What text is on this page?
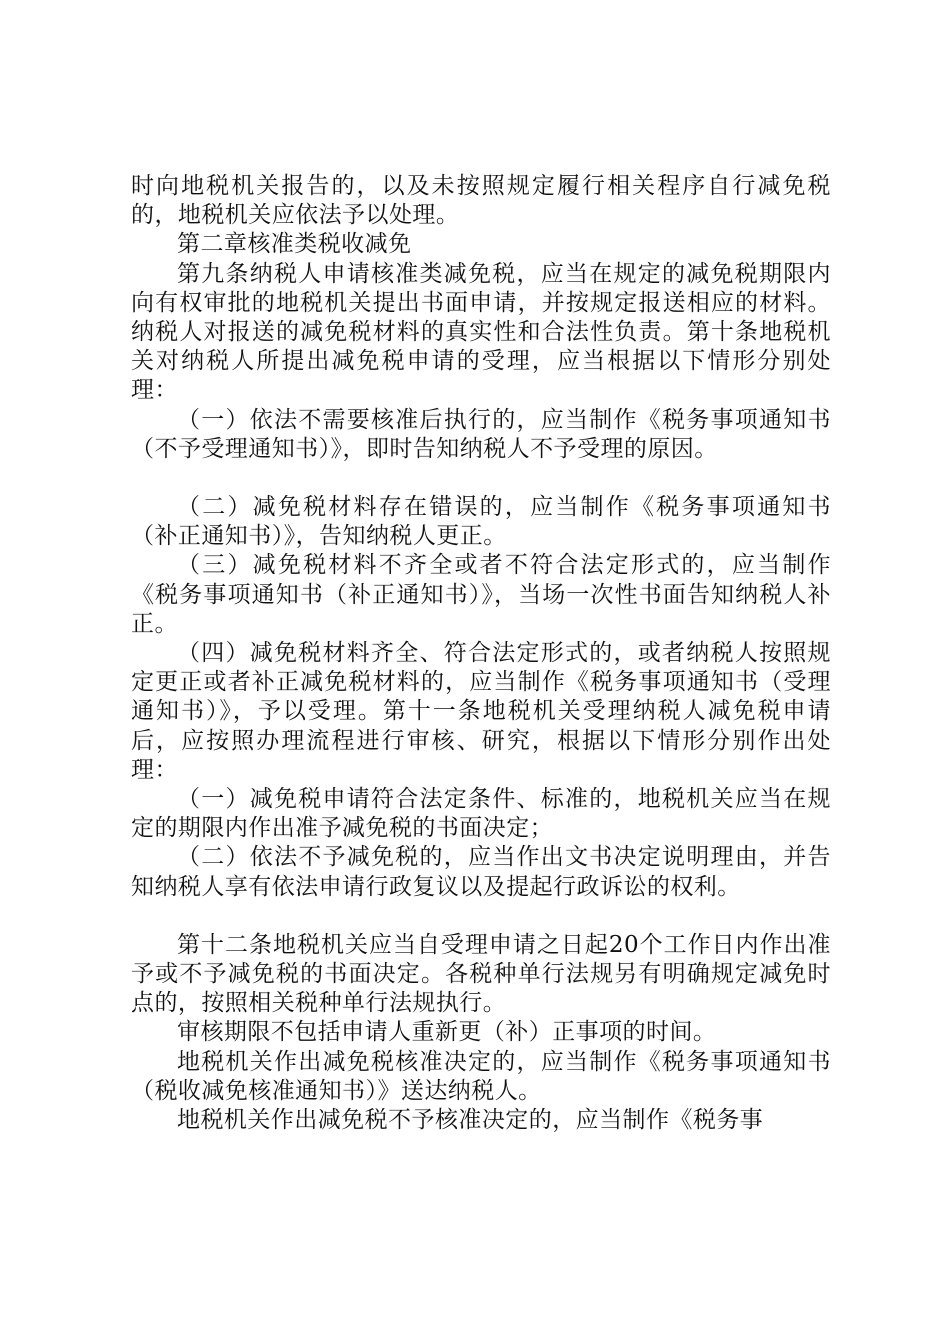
时向地税机关报告的，以及未按照规定履行相关程序自行减免税的，地税机关应依法予以处理。

第二章核准类税收减免

第九条纳税人申请核准类减免税，应当在规定的减免税期限内向有权审批的地税机关提出书面申请，并按规定报送相应的材料。纳税人对报送的减免税材料的真实性和合法性负责。第十条地税机关对纳税人所提出减免税申请的受理，应当根据以下情形分别处理：

（一）依法不需要核准后执行的，应当制作《税务事项通知书（不予受理通知书）》，即时告知纳税人不予受理的原因。

（二）减免税材料存在错误的，应当制作《税务事项通知书（补正通知书）》，告知纳税人更正。

（三）减免税材料不齐全或者不符合法定形式的，应当制作《税务事项通知书（补正通知书）》，当场一次性书面告知纳税人补正。

（四）减免税材料齐全、符合法定形式的，或者纳税人按照规定更正或者补正减免税材料的，应当制作《税务事项通知书（受理通知书）》，予以受理。第十一条地税机关受理纳税人减免税申请后，应按照办理流程进行审核、研究，根据以下情形分别作出处理：

（一）减免税申请符合法定条件、标准的，地税机关应当在规定的期限内作出准予减免税的书面决定；

（二）依法不予减免税的，应当作出文书决定说明理由，并告知纳税人享有依法申请行政复议以及提起行政诉讼的权利。

第十二条地税机关应当自受理申请之日起20个工作日内作出准予或不予减免税的书面决定。各税种单行法规另有明确规定减免时点的，按照相关税种单行法规执行。

审核期限不包括申请人重新更（补）正事项的时间。

地税机关作出减免税核准决定的，应当制作《税务事项通知书（税收减免核准通知书）》送达纳税人。

地税机关作出减免税不予核准决定的，应当制作《税务事
